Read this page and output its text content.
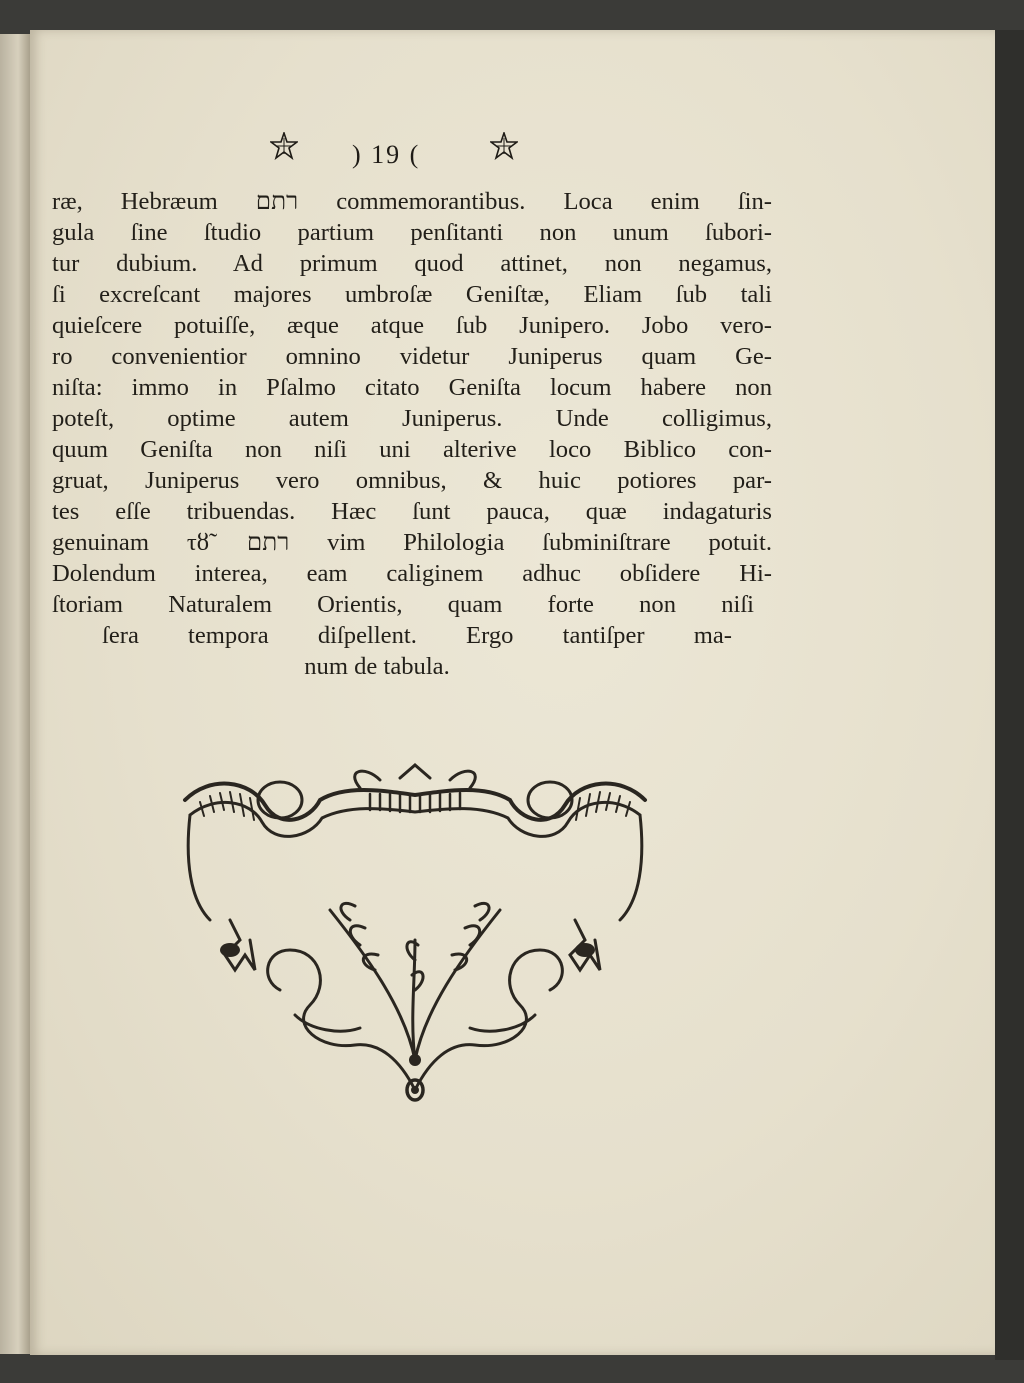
) 19 (
ræ, Hebræum רתם commemorantibus. Loca enim ſin-
gula ſine ſtudio partium penſitanti non unum ſubori-
tur dubium. Ad primum quod attinet, non negamus,
ſi excreſcant majores umbroſæ Geniſtæ, Eliam ſub tali
quieſcere potuiſſe, æque atque ſub Junipero. Jobo vero-
ro convenientior omnino videtur Juniperus quam Ge-
niſta: immo in Pſalmo citato Geniſta locum habere non
poteſt, optime autem Juniperus. Unde colligimus,
quum Geniſta non niſi uni alterive loco Biblico con-
gruat, Juniperus vero omnibus, & huic potiores par-
tes eſſe tribuendas. Hæc ſunt pauca, quæ indagaturis
genuinam τȣ̃ רתם vim Philologia ſubminiſtrare potuit.
Dolendum interea, eam caliginem adhuc obſidere Hi-
ſtoriam Naturalem Orientis, quam forte non niſi
ſera tempora diſpellent. Ergo tantiſper ma-
num de tabula.
